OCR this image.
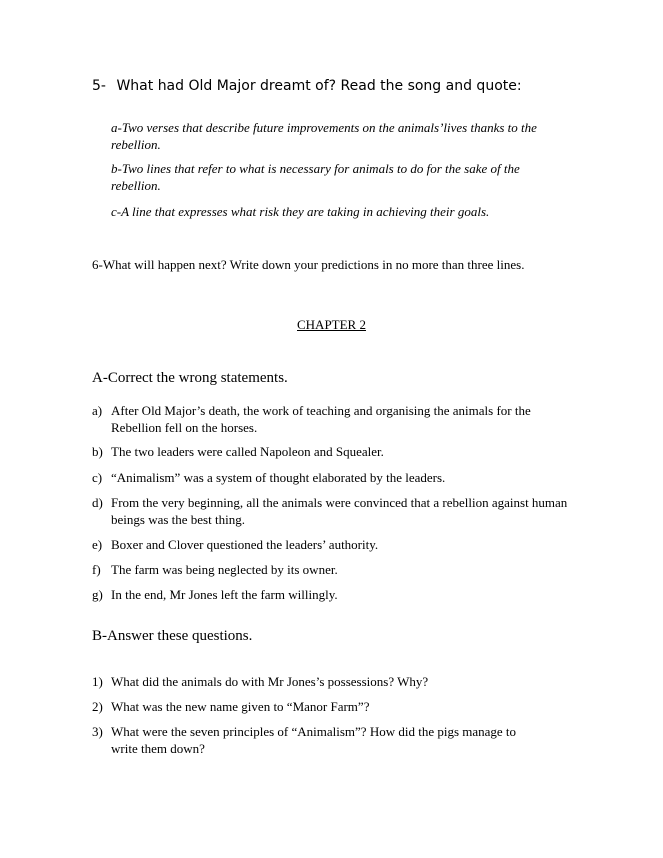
5- What had Old Major dreamt of? Read the song and quote:

a-Two verses that describe future improvements on the animals’lives thanks to the rebellion.

b-Two lines that refer to what is necessary for animals to do for the sake of the rebellion.

c-A line that expresses what risk they are taking in achieving their goals.

6-What will happen next? Write down your predictions in no more than three lines.
CHAPTER 2
A-Correct the wrong statements.
a) After Old Major’s death, the work of teaching and organising the animals for the Rebellion fell on the horses.
b) The two leaders were called Napoleon and Squealer.
c) “Animalism” was a system of thought elaborated by the leaders.
d) From the very beginning, all the animals were convinced that a rebellion against human beings was the best thing.
e) Boxer and Clover questioned the leaders’ authority.
f) The farm was being neglected by its owner.
g) In the end, Mr Jones left the farm willingly.
B-Answer these questions.
1) What did the animals do with Mr Jones’s possessions? Why?
2) What was the new name given to “Manor Farm”?
3) What were the seven principles of “Animalism”? How did the pigs manage to write them down?
